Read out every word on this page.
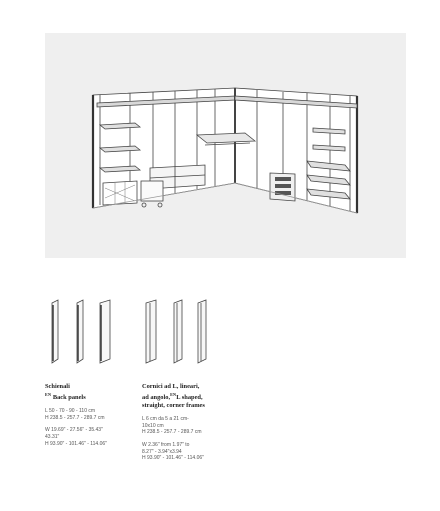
Schienali

$^{EN}$ Back panels

L 50 - 70 - 90 - 110 cm

H 238.5 - 257.7 - 289.7 cm

W 19.69" - 27.56" - 35.43"

43.31"

H 93.90" - 101.46" - 114.06"

Cornici ad L, lineari,

ad angolo,$^{EN}$L shaped,

straight, corner frames

L 6 cm da 5 a 21 cm-

10x10 cm

H 238.5 - 257.7 - 289.7 cm

W 2.36" from 1.97" to

8.27" - 3.94"x3.94

H 93.90" - 101.46" - 114.06"
